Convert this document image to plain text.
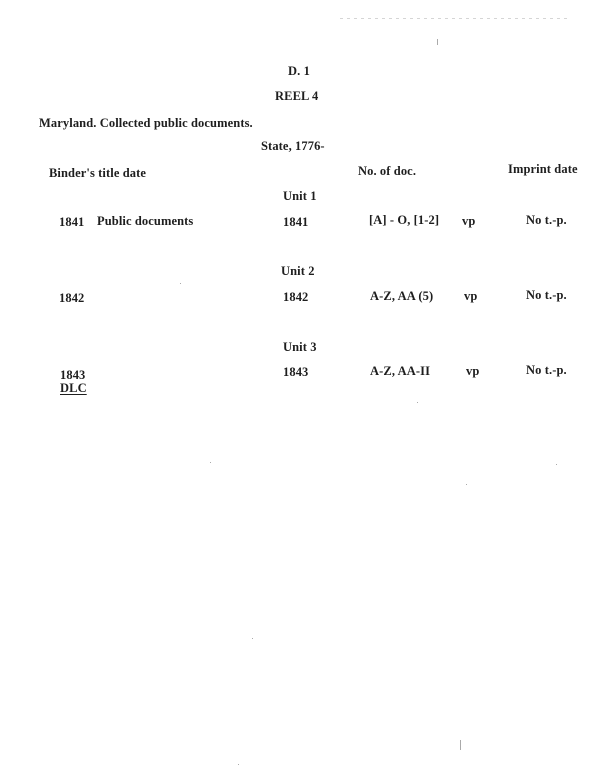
D. 1
REEL 4
Maryland. Collected public documents.
State, 1776-
Binder's title date	No. of doc.	Imprint date
Unit 1
1841 Public documents	1841	[A] - O, [1-2] vp	No t.-p.
Unit 2
1842	1842	A-Z, AA (5) vp	No t.-p.
Unit 3
1843	1843	A-Z, AA-II	vp	No t.-p.
DLC
